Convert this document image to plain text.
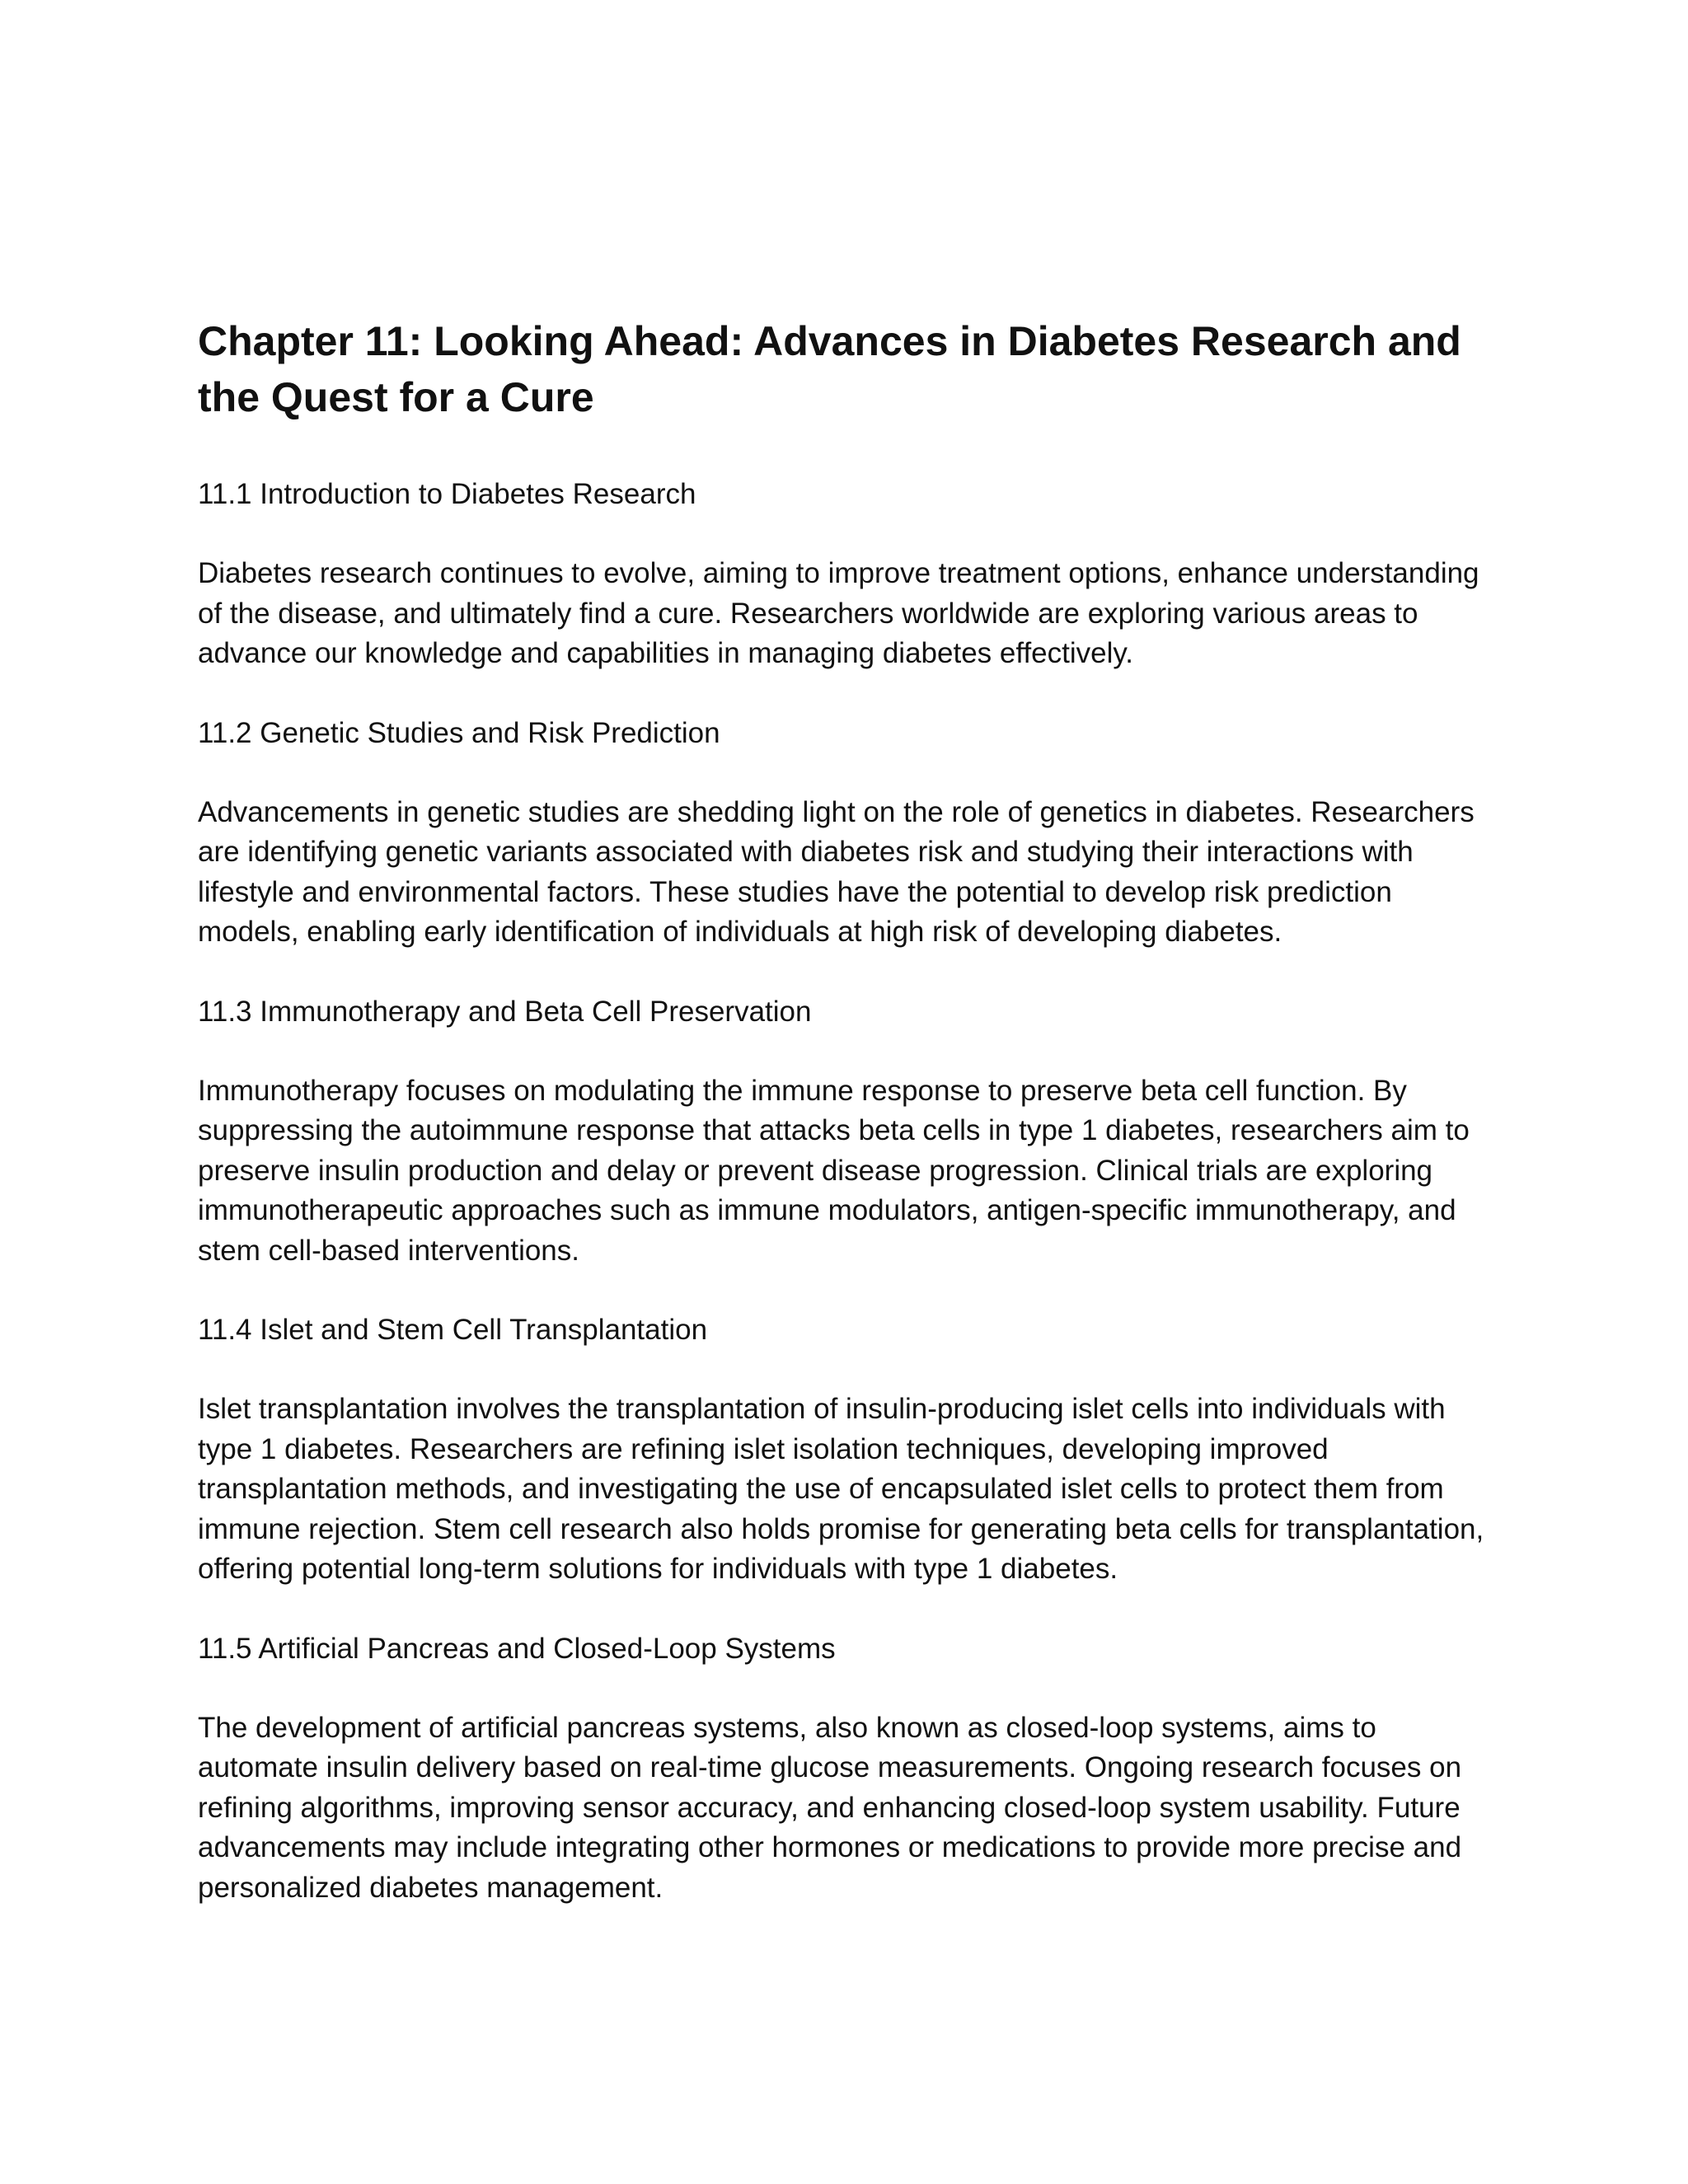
Chapter 11: Looking Ahead: Advances in Diabetes Research and the Quest for a Cure

11.1 Introduction to Diabetes Research

Diabetes research continues to evolve, aiming to improve treatment options, enhance understanding of the disease, and ultimately find a cure. Researchers worldwide are exploring various areas to advance our knowledge and capabilities in managing diabetes effectively.

11.2 Genetic Studies and Risk Prediction

Advancements in genetic studies are shedding light on the role of genetics in diabetes. Researchers are identifying genetic variants associated with diabetes risk and studying their interactions with lifestyle and environmental factors. These studies have the potential to develop risk prediction models, enabling early identification of individuals at high risk of developing diabetes.

11.3 Immunotherapy and Beta Cell Preservation

Immunotherapy focuses on modulating the immune response to preserve beta cell function. By suppressing the autoimmune response that attacks beta cells in type 1 diabetes, researchers aim to preserve insulin production and delay or prevent disease progression. Clinical trials are exploring immunotherapeutic approaches such as immune modulators, antigen-specific immunotherapy, and stem cell-based interventions.

11.4 Islet and Stem Cell Transplantation

Islet transplantation involves the transplantation of insulin-producing islet cells into individuals with type 1 diabetes. Researchers are refining islet isolation techniques, developing improved transplantation methods, and investigating the use of encapsulated islet cells to protect them from immune rejection. Stem cell research also holds promise for generating beta cells for transplantation, offering potential long-term solutions for individuals with type 1 diabetes.

11.5 Artificial Pancreas and Closed-Loop Systems

The development of artificial pancreas systems, also known as closed-loop systems, aims to automate insulin delivery based on real-time glucose measurements. Ongoing research focuses on refining algorithms, improving sensor accuracy, and enhancing closed-loop system usability. Future advancements may include integrating other hormones or medications to provide more precise and personalized diabetes management.
